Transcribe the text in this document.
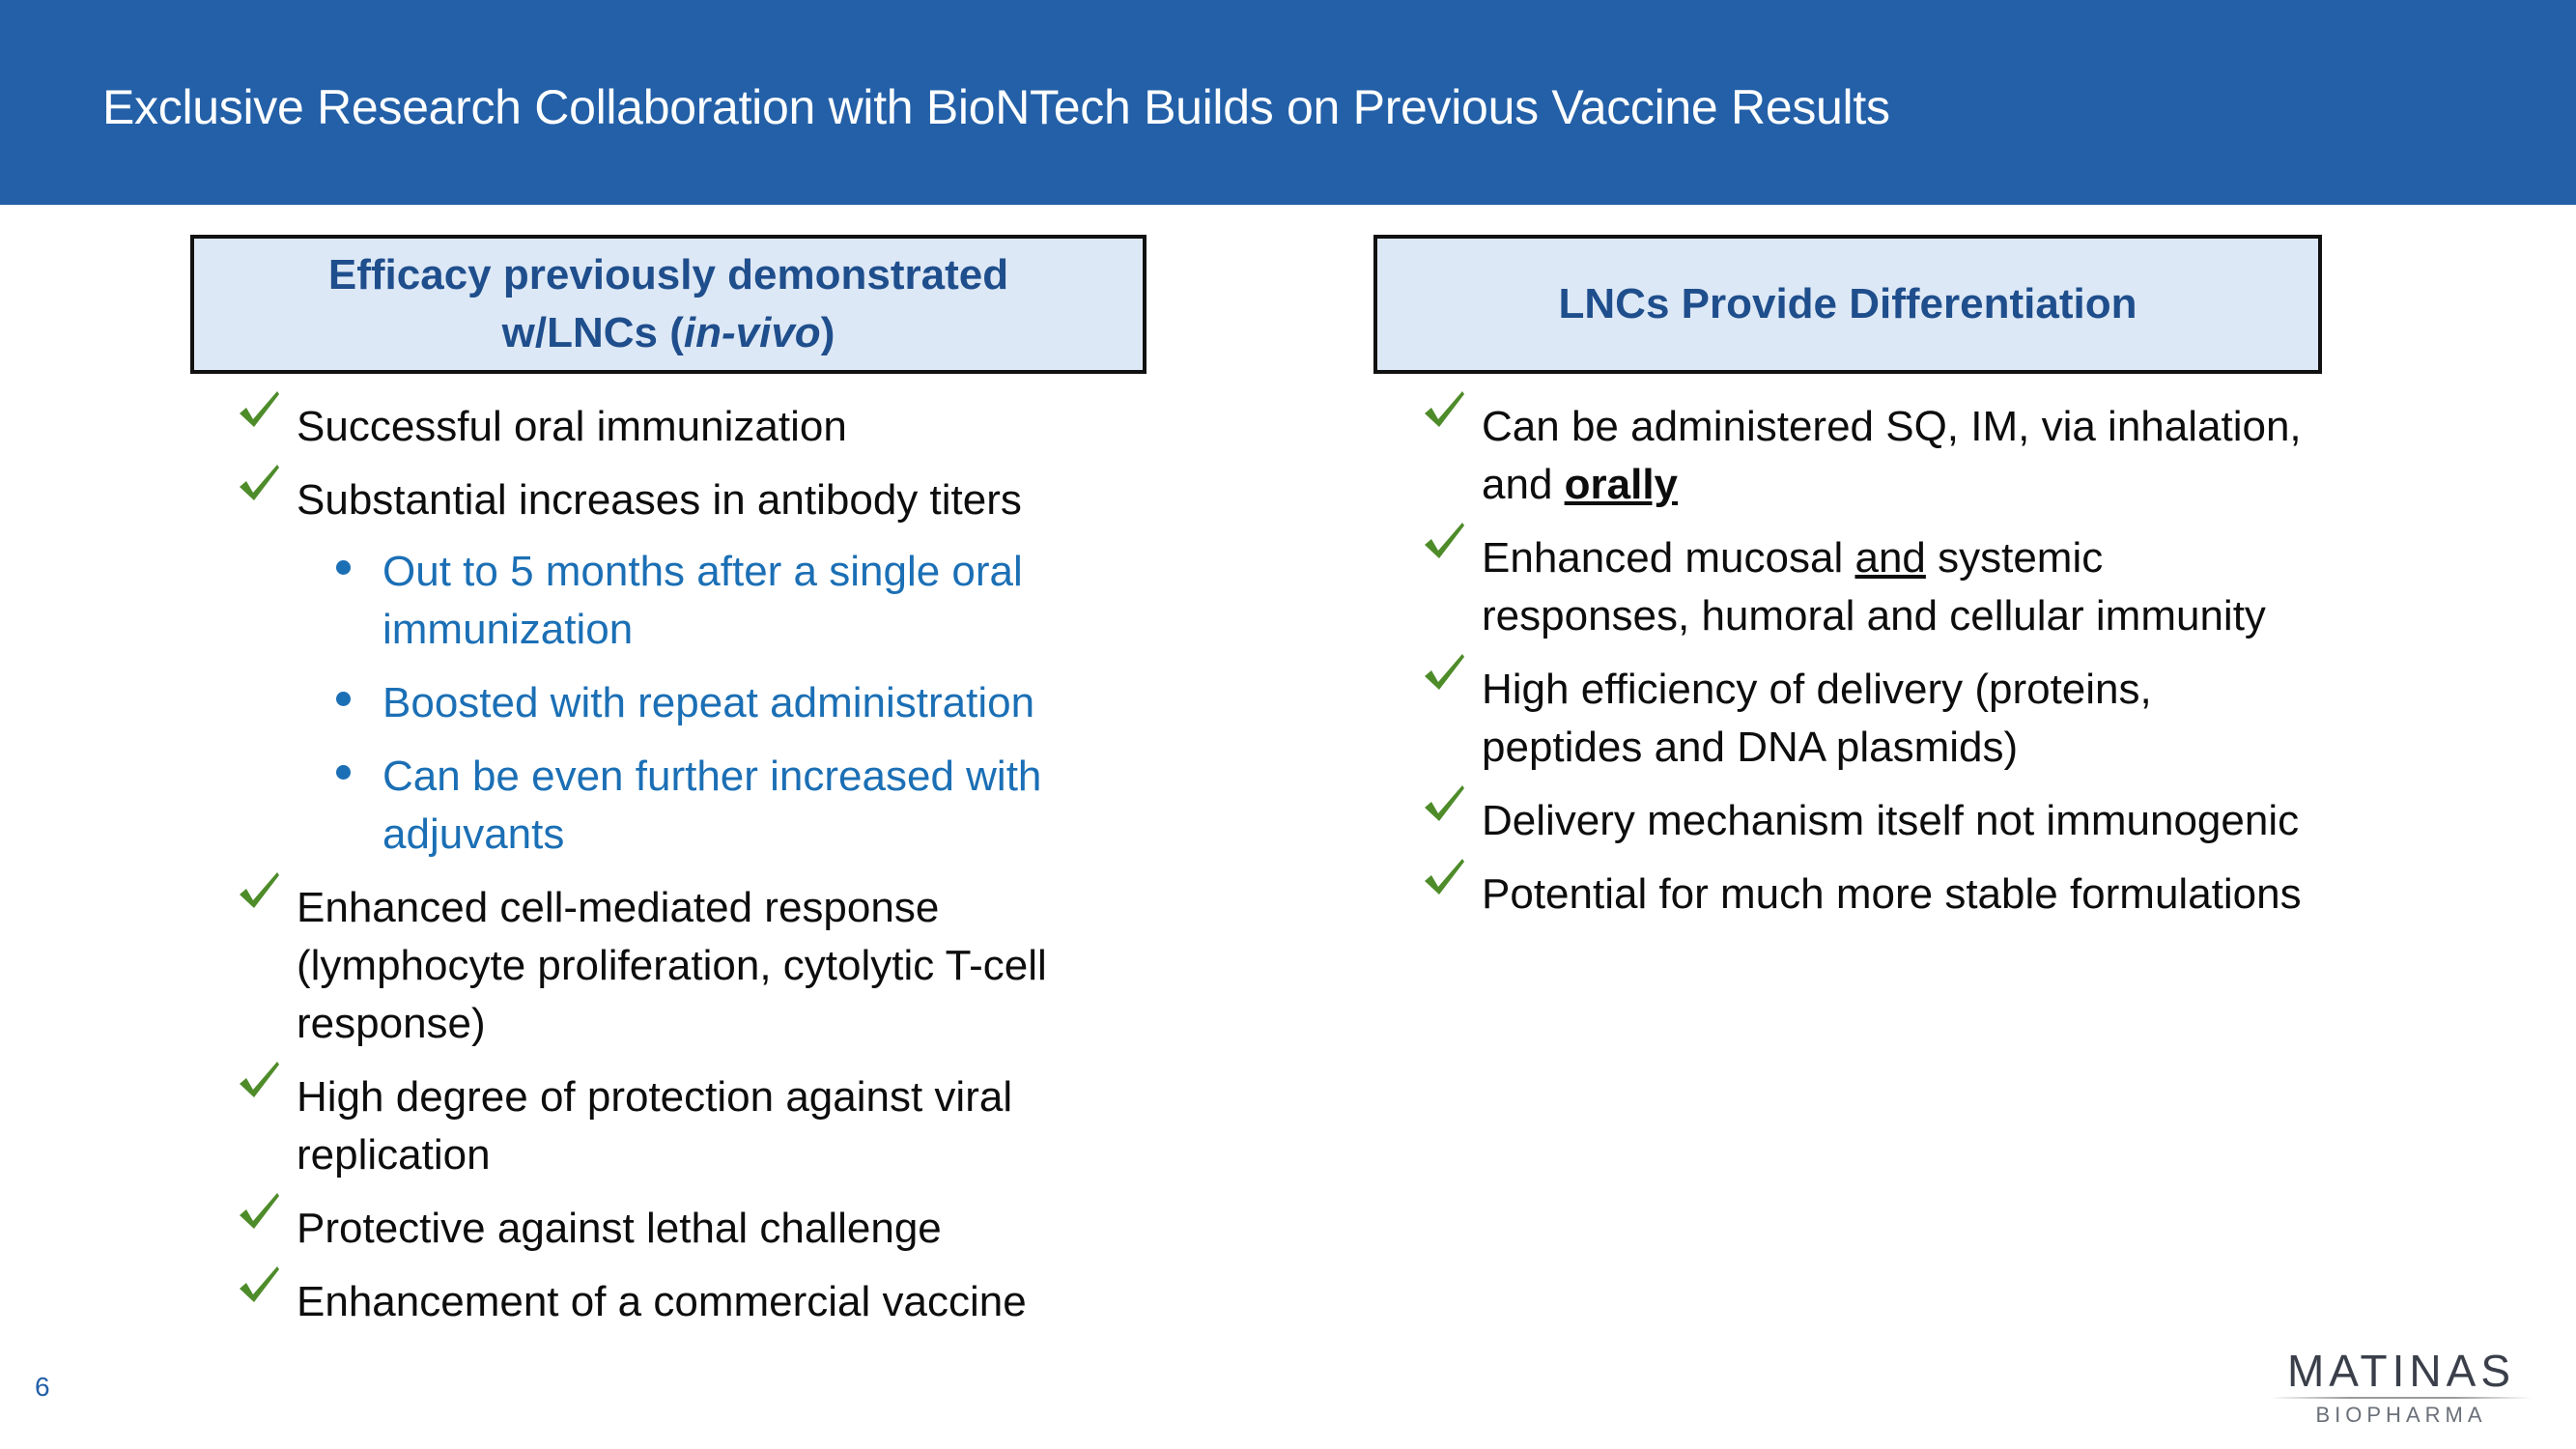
Exclusive Research Collaboration with BioNTech Builds on Previous Vaccine Results
Efficacy previously demonstrated
w/LNCs (in-vivo)
LNCs Provide Differentiation
Successful oral immunization
Substantial increases in antibody titers
Out to 5 months after a single oral immunization
Boosted with repeat administration
Can be even further increased with adjuvants
Enhanced cell-mediated response (lymphocyte proliferation, cytolytic T-cell response)
High degree of protection against viral replication
Protective against lethal challenge
Enhancement of a commercial vaccine
Can be administered SQ, IM, via inhalation, and orally
Enhanced mucosal and systemic responses, humoral and cellular immunity
High efficiency of delivery (proteins, peptides and DNA plasmids)
Delivery mechanism itself not immunogenic
Potential for much more stable formulations
6	MATINAS
BIOPHARMA
